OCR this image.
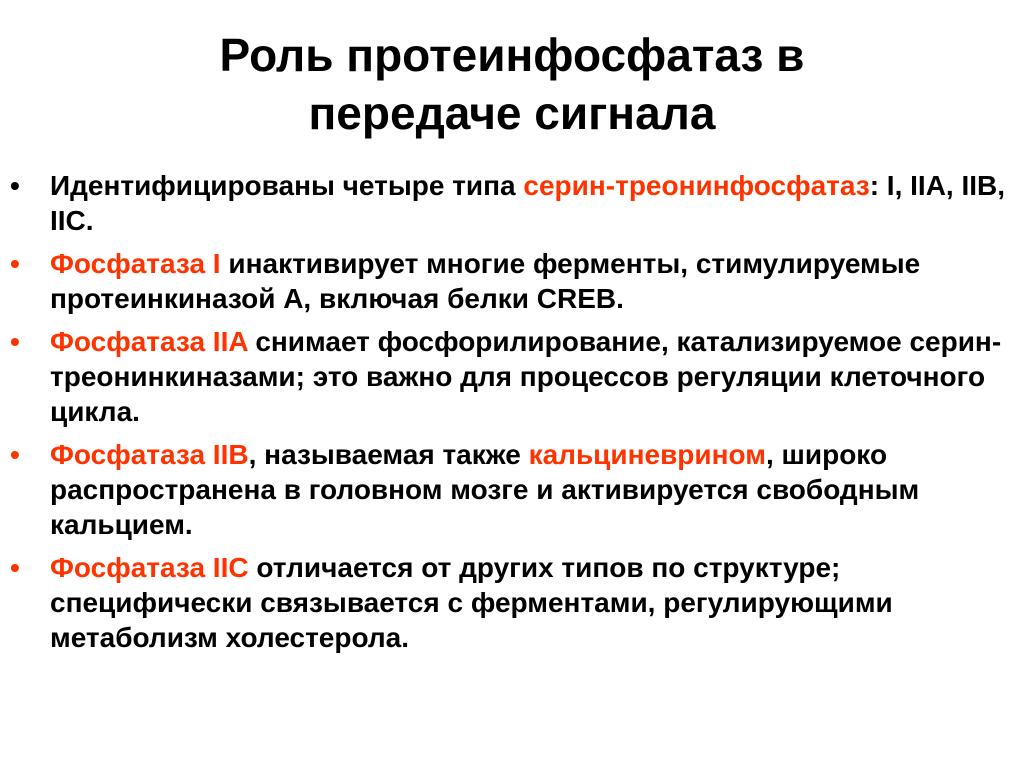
Роль протеинфосфатаз в
передаче сигнала
• Идентифицированы четыре типа серин-треонинфосфатаз: I, IIA, IIB, IIC.
• Фосфатаза I инактивирует многие ферменты, стимулируемые протеинкиназой А, включая белки CREB.
• Фосфатаза IIA снимает фосфорилирование, катализируемое серин-треонинкиназами; это важно для процессов регуляции клеточного цикла.
• Фосфатаза IIB, называемая также кальциневрином, широко распространена в головном мозге и активируется свободным кальцием.
• Фосфатаза IIC отличается от других типов по структуре; специфически связывается с ферментами, регулирующими метаболизм холестерола.
